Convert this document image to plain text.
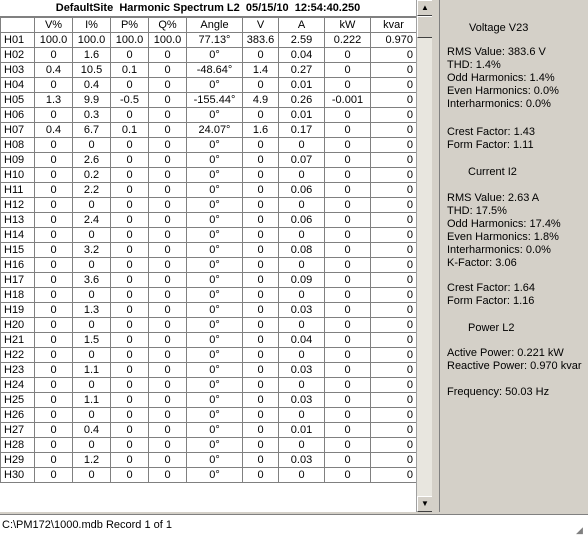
DefaultSite  Harmonic Spectrum L2  05/15/10  12:54:40.250
	V%	I%	P%	Q%	Angle	V	A	kW	kvar
H01	100.0	100.0	100.0	100.0	77.13°	383.6	2.59	0.222	0.970
H02	0	1.6	0	0	0°	0	0.04	0	0
H03	0.4	10.5	0.1	0	-48.64°	1.4	0.27	0	0
H04	0	0.4	0	0	0°	0	0.01	0	0
H05	1.3	9.9	-0.5	0	-155.44°	4.9	0.26	-0.001	0
H06	0	0.3	0	0	0°	0	0.01	0	0
H07	0.4	6.7	0.1	0	24.07°	1.6	0.17	0	0
H08	0	0	0	0	0°	0	0	0	0
H09	0	2.6	0	0	0°	0	0.07	0	0
H10	0	0.2	0	0	0°	0	0	0	0
H11	0	2.2	0	0	0°	0	0.06	0	0
H12	0	0	0	0	0°	0	0	0	0
H13	0	2.4	0	0	0°	0	0.06	0	0
H14	0	0	0	0	0°	0	0	0	0
H15	0	3.2	0	0	0°	0	0.08	0	0
H16	0	0	0	0	0°	0	0	0	0
H17	0	3.6	0	0	0°	0	0.09	0	0
H18	0	0	0	0	0°	0	0	0	0
H19	0	1.3	0	0	0°	0	0.03	0	0
H20	0	0	0	0	0°	0	0	0	0
H21	0	1.5	0	0	0°	0	0.04	0	0
H22	0	0	0	0	0°	0	0	0	0
H23	0	1.1	0	0	0°	0	0.03	0	0
H24	0	0	0	0	0°	0	0	0	0
H25	0	1.1	0	0	0°	0	0.03	0	0
H26	0	0	0	0	0°	0	0	0	0
H27	0	0.4	0	0	0°	0	0.01	0	0
H28	0	0	0	0	0°	0	0	0	0
H29	0	1.2	0	0	0°	0	0.03	0	0
H30	0	0	0	0	0°	0	0	0	0
▲
▼
Voltage V23
RMS Value: 383.6 V
THD: 1.4%
Odd Harmonics: 1.4%
Even Harmonics: 0.0%
Interharmonics: 0.0%
Crest Factor: 1.43
Form Factor: 1.11
Current I2
RMS Value: 2.63 A
THD: 17.5%
Odd Harmonics: 17.4%
Even Harmonics: 1.8%
Interharmonics: 0.0%
K-Factor: 3.06
Crest Factor: 1.64
Form Factor: 1.16
Power L2
Active Power: 0.221 kW
Reactive Power: 0.970 kvar
Frequency: 50.03 Hz
C:\PM172\1000.mdb Record 1 of 1	◢
